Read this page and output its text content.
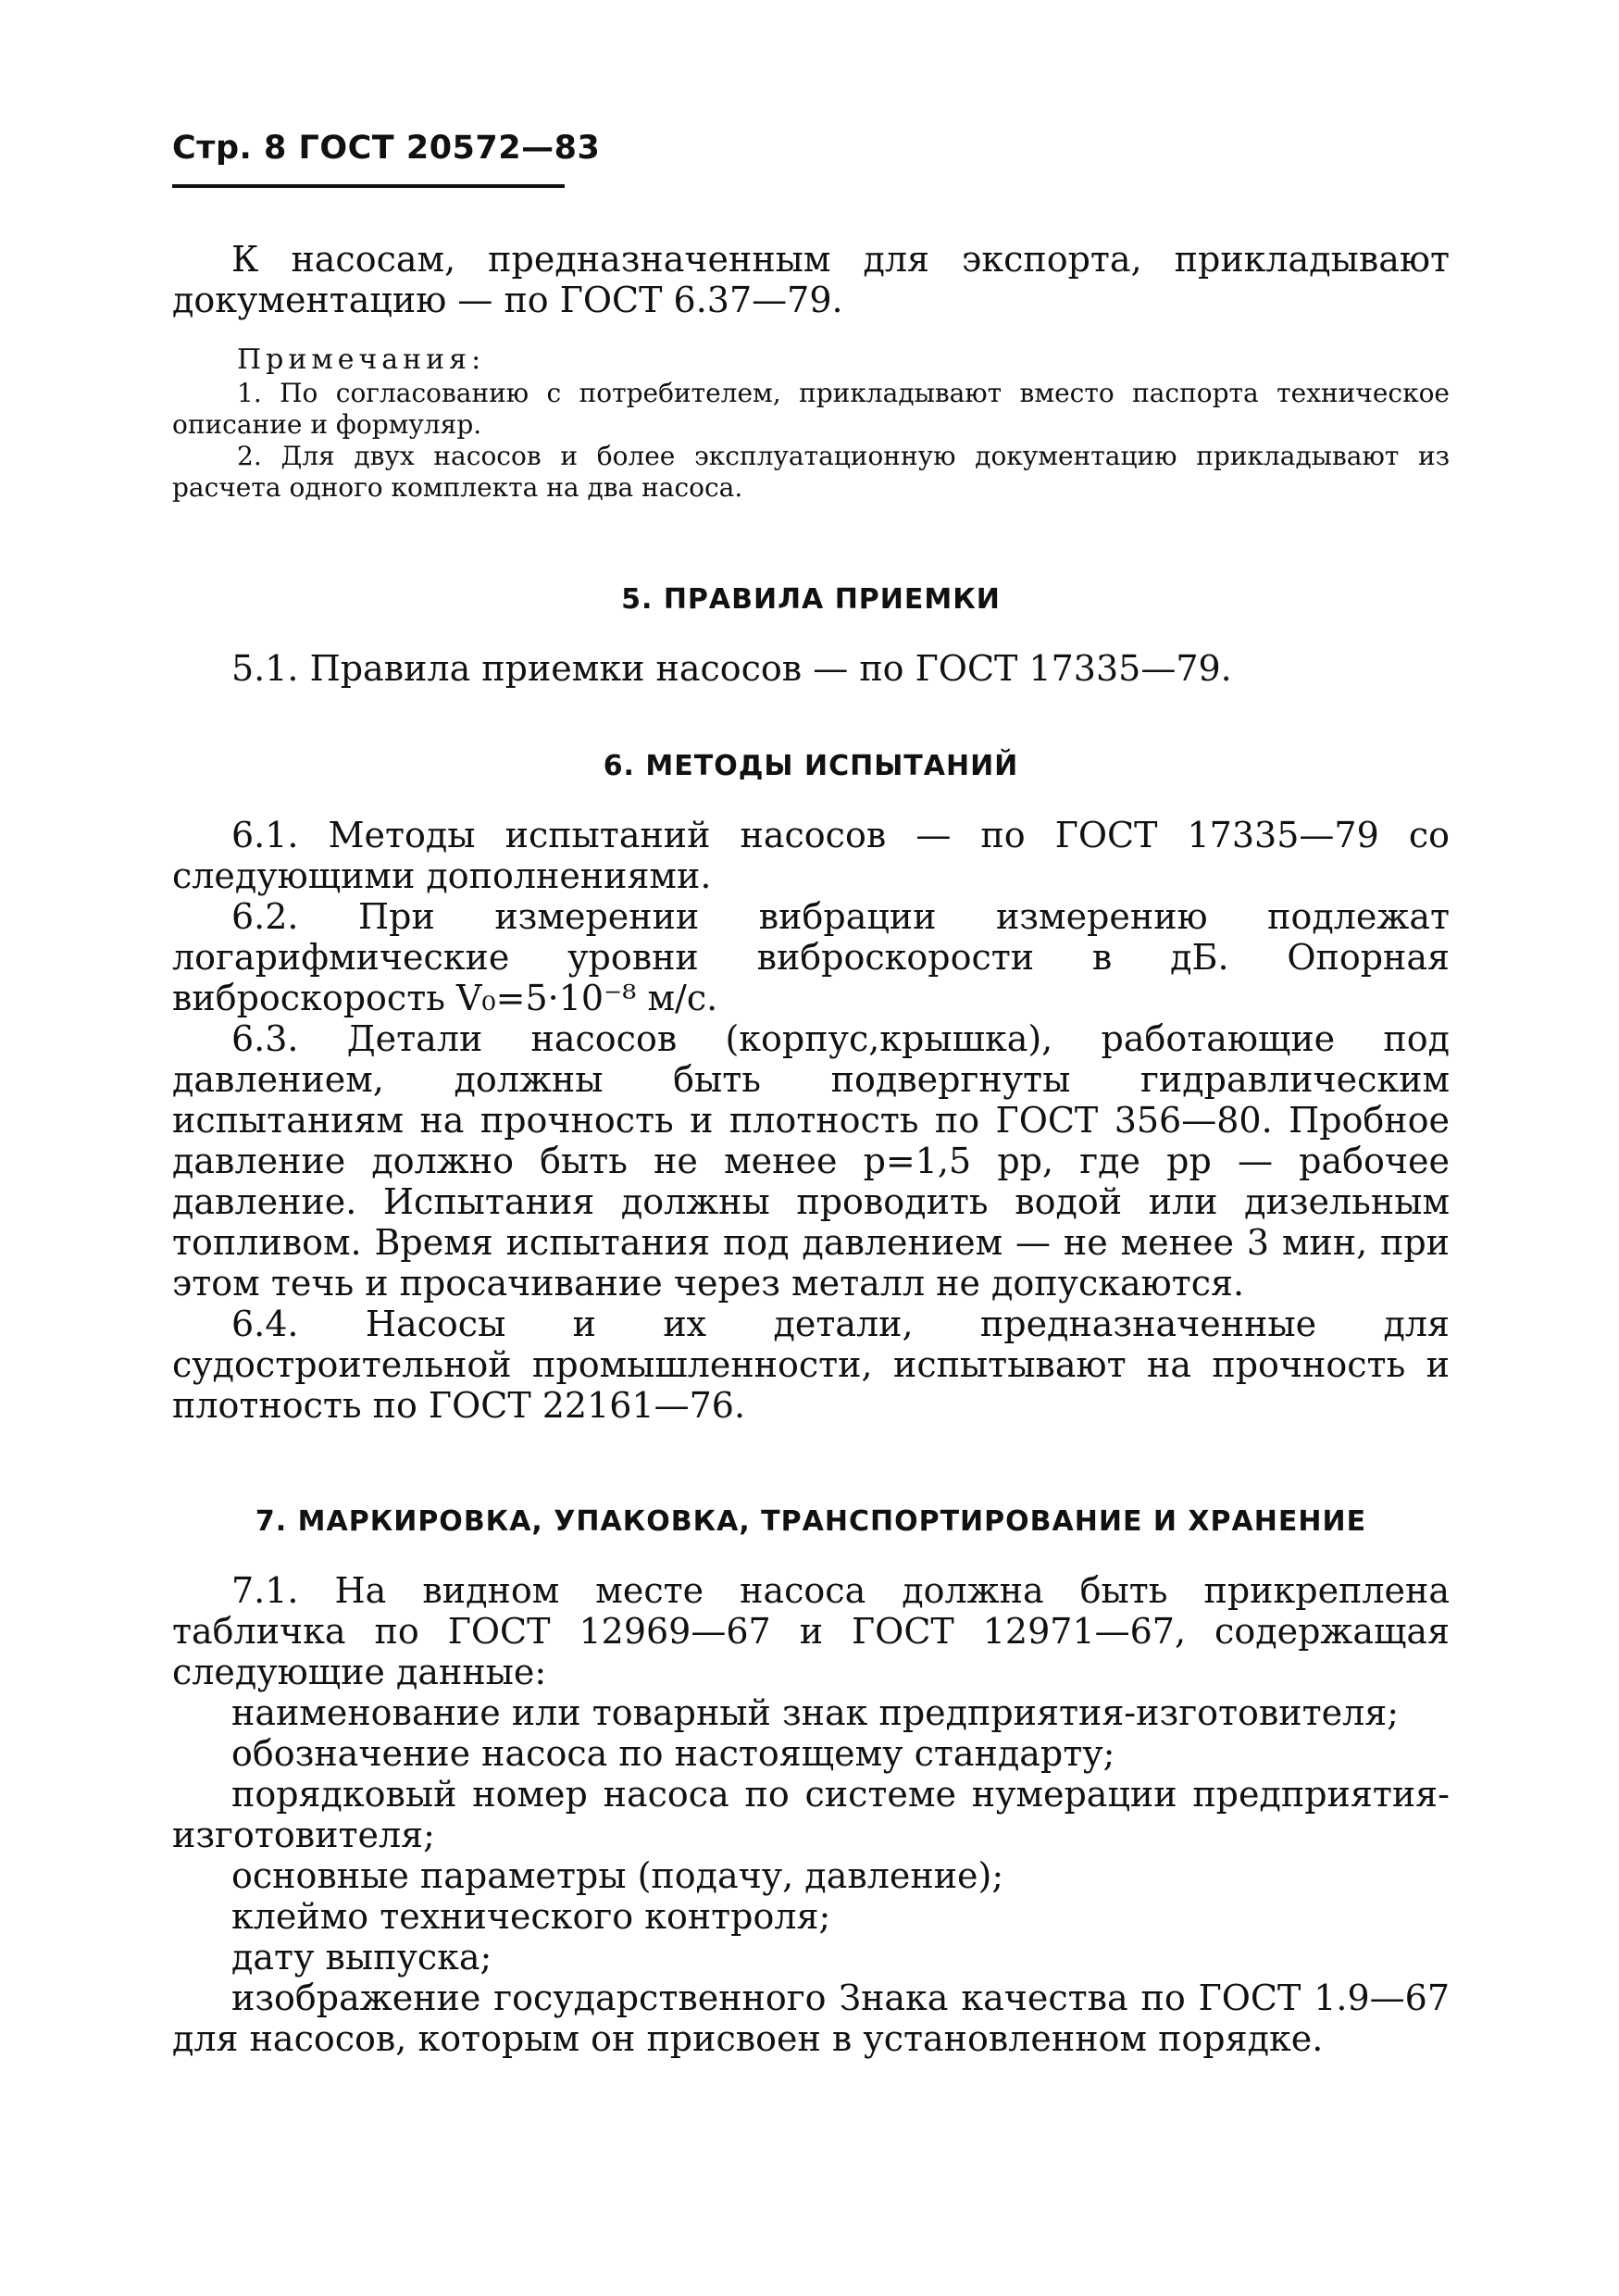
Стр. 8 ГОСТ 20572—83

К насосам, предназначенным для экспорта, прикладывают документацию — по ГОСТ 6.37—79.

Примечания:

1. По согласованию с потребителем, прикладывают вместо паспорта техническое описание и формуляр.

2. Для двух насосов и более эксплуатационную документацию прикладывают из расчета одного комплекта на два насоса.

5. ПРАВИЛА ПРИЕМКИ

5.1. Правила приемки насосов — по ГОСТ 17335—79.

6. МЕТОДЫ ИСПЫТАНИЙ

6.1. Методы испытаний насосов — по ГОСТ 17335—79 со следующими дополнениями.

6.2. При измерении вибрации измерению подлежат логарифмические уровни виброскорости в дБ. Опорная виброскорость V₀=5·10⁻⁸ м/с.

6.3. Детали насосов (корпус,крышка), работающие под давлением, должны быть подвергнуты гидравлическим испытаниям на прочность и плотность по ГОСТ 356—80. Пробное давление должно быть не менее p=1,5 pр, где pр — рабочее давление. Испытания должны проводить водой или дизельным топливом. Время испытания под давлением — не менее 3 мин, при этом течь и просачивание через металл не допускаются.

6.4. Насосы и их детали, предназначенные для судостроительной промышленности, испытывают на прочность и плотность по ГОСТ 22161—76.

7. МАРКИРОВКА, УПАКОВКА, ТРАНСПОРТИРОВАНИЕ И ХРАНЕНИЕ

7.1. На видном месте насоса должна быть прикреплена табличка по ГОСТ 12969—67 и ГОСТ 12971—67, содержащая следующие данные:

наименование или товарный знак предприятия-изготовителя;

обозначение насоса по настоящему стандарту;

порядковый номер насоса по системе нумерации предприятия-изготовителя;

основные параметры (подачу, давление);

клеймо технического контроля;

дату выпуска;

изображение государственного Знака качества по ГОСТ 1.9—67 для насосов, которым он присвоен в установленном порядке.
